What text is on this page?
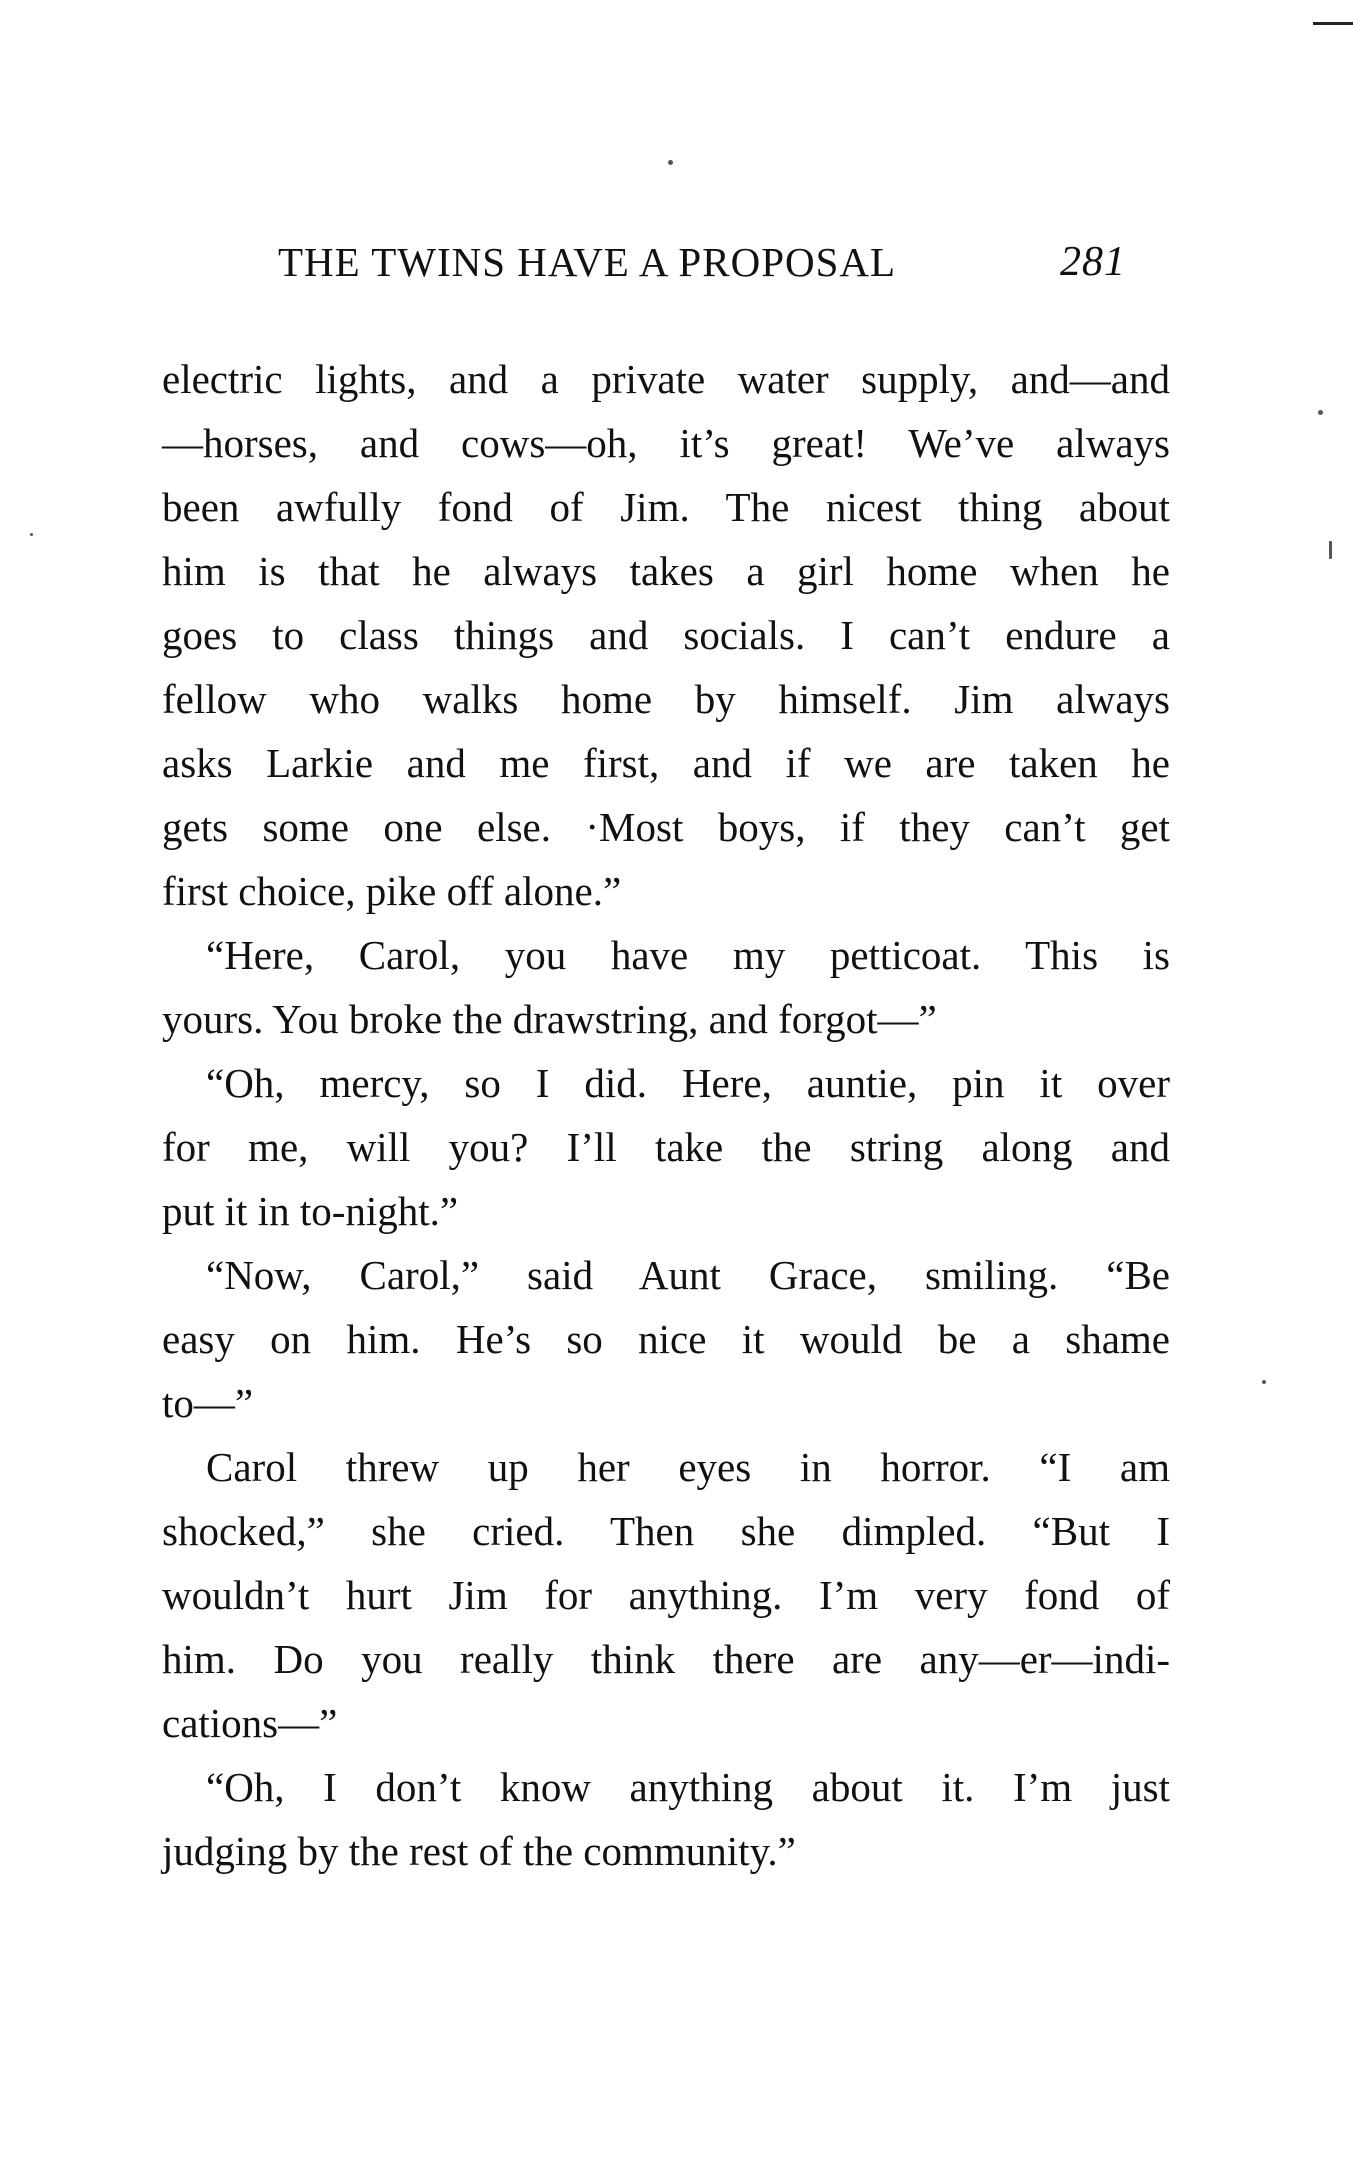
THE TWINS HAVE A PROPOSAL	281
electric lights, and a private water supply, and—and
—horses, and cows—oh, it’s great! We’ve always
been awfully fond of Jim. The nicest thing about
him is that he always takes a girl home when he
goes to class things and socials. I can’t endure a
fellow who walks home by himself. Jim always
asks Larkie and me first, and if we are taken he
gets some one else. ·Most boys, if they can’t get
first choice, pike off alone.”
“Here, Carol, you have my petticoat. This is
yours. You broke the drawstring, and forgot—”
“Oh, mercy, so I did. Here, auntie, pin it over
for me, will you? I’ll take the string along and
put it in to-night.”
“Now, Carol,” said Aunt Grace, smiling. “Be
easy on him. He’s so nice it would be a shame
to—”
Carol threw up her eyes in horror. “I am
shocked,” she cried. Then she dimpled. “But I
wouldn’t hurt Jim for anything. I’m very fond of
him. Do you really think there are any—er—indi-
cations—”
“Oh, I don’t know anything about it. I’m just
judging by the rest of the community.”
